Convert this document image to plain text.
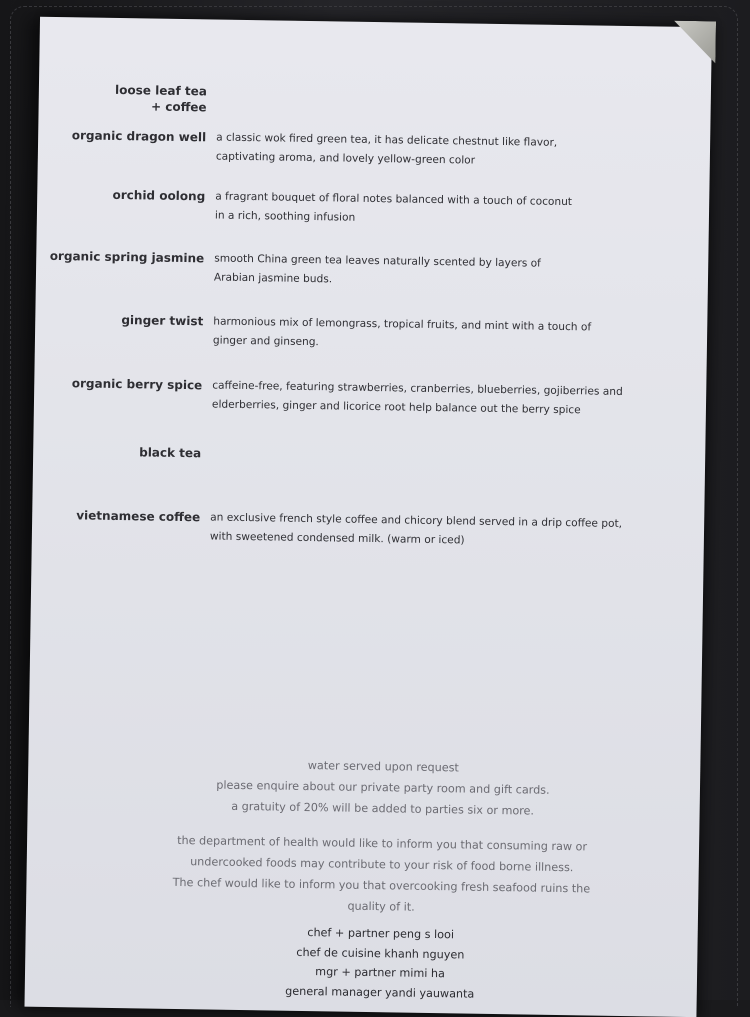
loose leaf tea
+ coffee
organic dragon well a classic wok fired green tea, it has delicate chestnut like flavor,
captivating aroma, and lovely yellow-green color
orchid oolong a fragrant bouquet of floral notes balanced with a touch of coconut
in a rich, soothing infusion
organic spring jasmine smooth China green tea leaves naturally scented by layers of
Arabian jasmine buds.
ginger twist harmonious mix of lemongrass, tropical fruits, and mint with a touch of
ginger and ginseng.
organic berry spice caffeine-free, featuring strawberries, cranberries, blueberries, gojiberries and
elderberries, ginger and licorice root help balance out the berry spice
black tea
vietnamese coffee an exclusive french style coffee and chicory blend served in a drip coffee pot,
with sweetened condensed milk. (warm or iced)
water served upon request
please enquire about our private party room and gift cards.
a gratuity of 20% will be added to parties six or more.
the department of health would like to inform you that consuming raw or
undercooked foods may contribute to your risk of food borne illness.
The chef would like to inform you that overcooking fresh seafood ruins the
quality of it.
chef + partner peng s looi
chef de cuisine khanh nguyen
mgr + partner mimi ha
general manager yandi yauwanta
